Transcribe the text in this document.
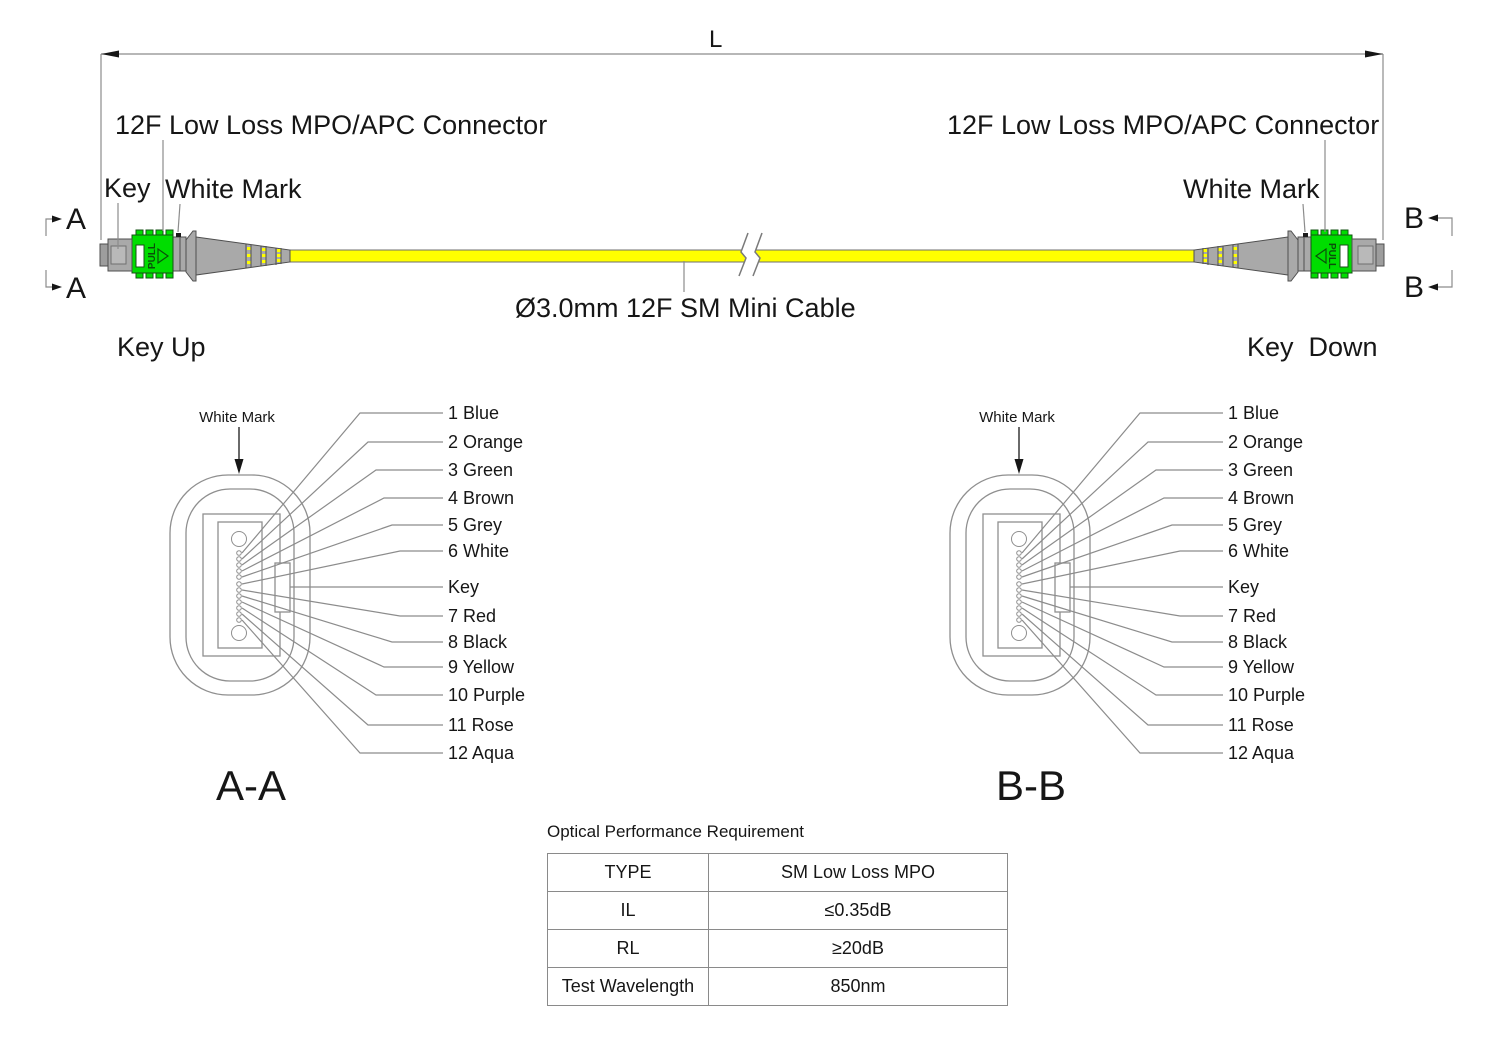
PULL	PULL
L
12F Low Loss MPO/APC Connector	12F Low Loss MPO/APC Connector
Key White Mark	White Mark
Ø3.0mm 12F SM Mini Cable
Key Up	Key  Down
A
A
B
B
White Mark	1 Blue
2 Orange
3 Green
4 Brown
5 Grey
6 White
Key
7 Red
8 Black
9 Yellow
10 Purple
11 Rose
12 Aqua
A-A
White Mark	1 Blue
2 Orange
3 Green
4 Brown
5 Grey
6 White
Key
7 Red
8 Black
9 Yellow
10 Purple
11 Rose
12 Aqua
B-B
Optical Performance Requirement
TYPE	SM Low Loss MPO
IL	≤0.35dB
RL	≥20dB
Test Wavelength	850nm
